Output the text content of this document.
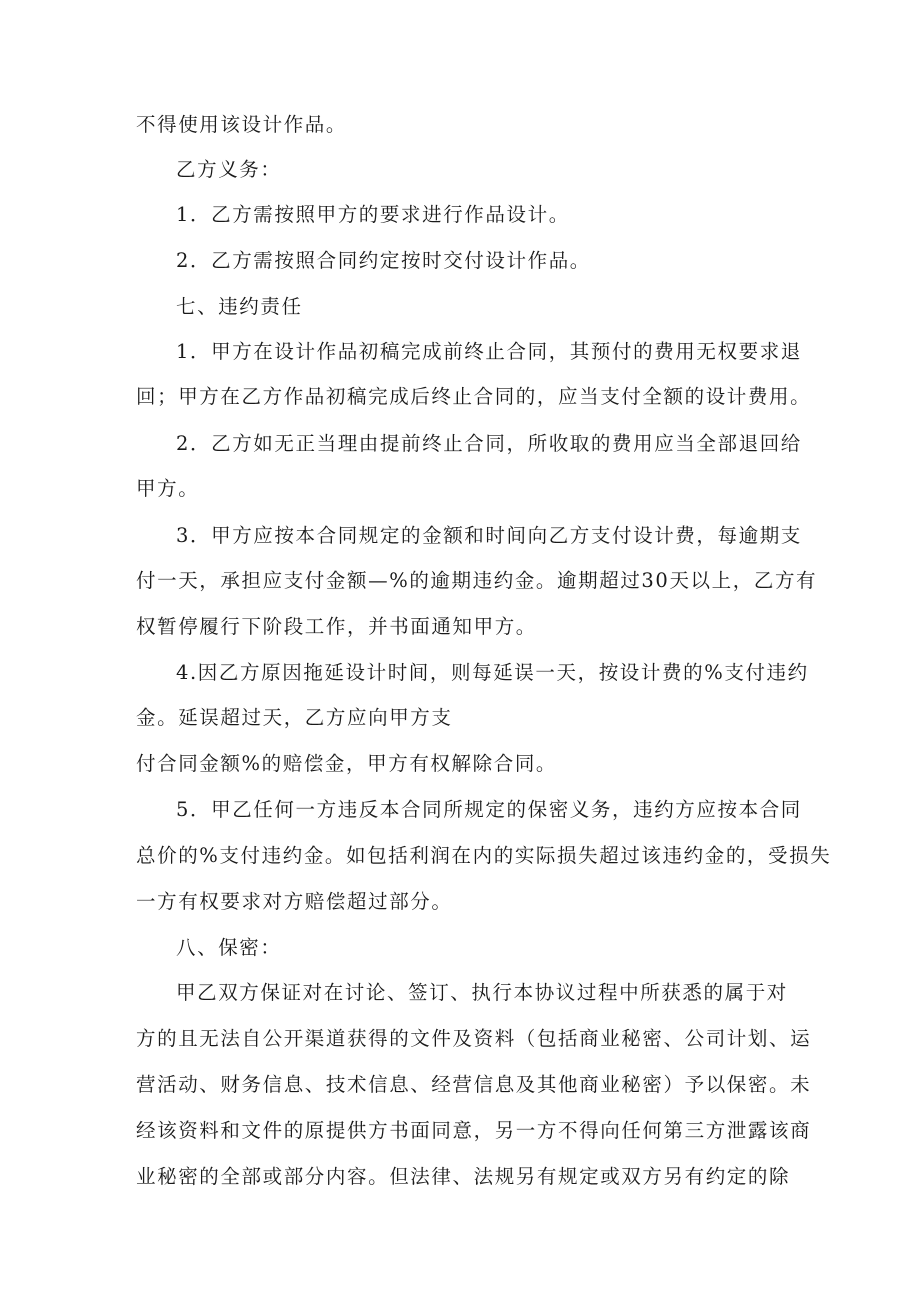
不得使用该设计作品。
乙方义务：
1．乙方需按照甲方的要求进行作品设计。
2．乙方需按照合同约定按时交付设计作品。
七、违约责任
1．甲方在设计作品初稿完成前终止合同，其预付的费用无权要求退
回；甲方在乙方作品初稿完成后终止合同的，应当支付全额的设计费用。
2．乙方如无正当理由提前终止合同，所收取的费用应当全部退回给
甲方。
3．甲方应按本合同规定的金额和时间向乙方支付设计费，每逾期支
付一天，承担应支付金额—%的逾期违约金。逾期超过30天以上，乙方有
权暂停履行下阶段工作，并书面通知甲方。
4.因乙方原因拖延设计时间，则每延误一天，按设计费的%支付违约
金。延误超过天，乙方应向甲方支
付合同金额%的赔偿金，甲方有权解除合同。
5．甲乙任何一方违反本合同所规定的保密义务，违约方应按本合同
总价的%支付违约金。如包括利润在内的实际损失超过该违约金的，受损失
一方有权要求对方赔偿超过部分。
八、保密：
甲乙双方保证对在讨论、签订、执行本协议过程中所获悉的属于对
方的且无法自公开渠道获得的文件及资料（包括商业秘密、公司计划、运
营活动、财务信息、技术信息、经营信息及其他商业秘密）予以保密。未
经该资料和文件的原提供方书面同意，另一方不得向任何第三方泄露该商
业秘密的全部或部分内容。但法律、法规另有规定或双方另有约定的除
